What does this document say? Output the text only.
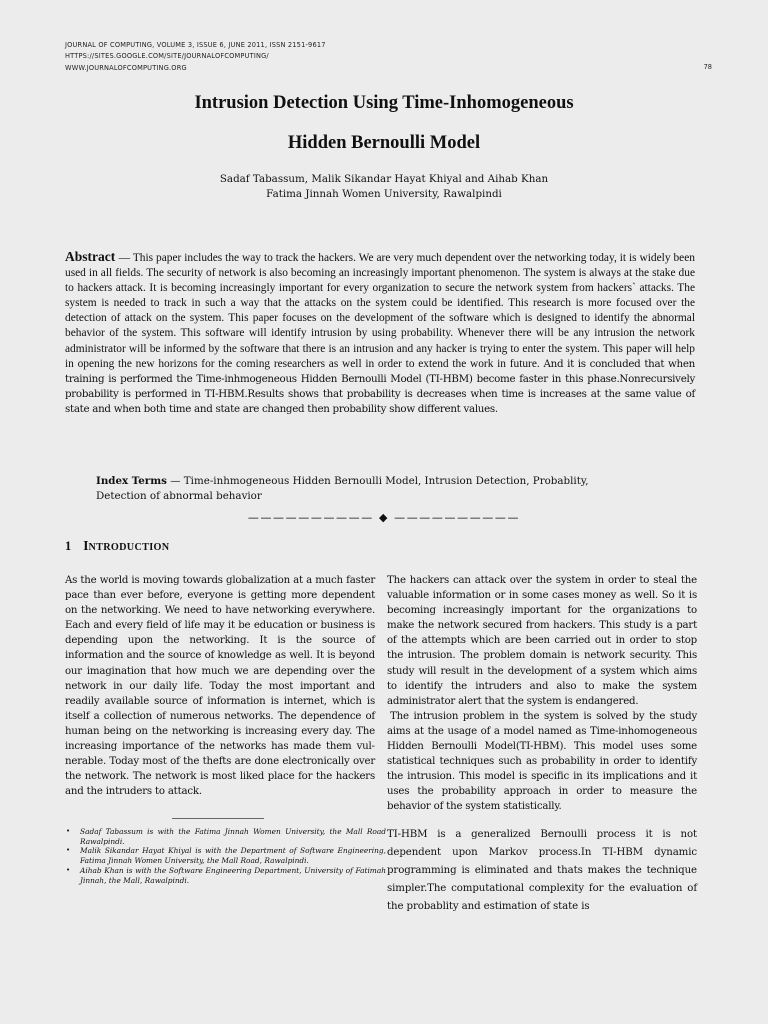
JOURNAL OF COMPUTING, VOLUME 3, ISSUE 6, JUNE 2011, ISSN 2151-9617
HTTPS://SITES.GOOGLE.COM/SITE/JOURNALOFCOMPUTING/
WWW.JOURNALOFCOMPUTING.ORG	78
Intrusion Detection Using Time-Inhomogeneous
Hidden Bernoulli Model
Sadaf Tabassum, Malik Sikandar Hayat Khiyal and Aihab Khan
Fatima Jinnah Women University, Rawalpindi
Abstract — This paper includes the way to track the hackers. We are very much dependent over the networking today, it is widely been used in all fields. The security of network is also becoming an increasingly important phenomenon. The system is always at the stake due to hackers attack. It is becoming increasingly important for every organization to secure the network system from hackers` attacks. The system is needed to track in such a way that the attacks on the system could be identified. This research is more focused over the detection of attack on the system. This paper focuses on the development of the software which is designed to identify the abnormal behavior of the system. This software will identify intrusion by using probability. Whenever there will be any intrusion the network administrator will be informed by the software that there is an intrusion and any hacker is trying to enter the system. This paper will help in opening the new horizons for the coming researchers as well in order to extend the work in future. And it is concluded that when training is performed the Time-inhmogeneous Hidden Bernoulli Model (TI-HBM) become faster in this phase.Nonrecursively probability is performed in TI-HBM.Results shows that probability is decreases when time is increases at the same value of state and when both time and state are changed then probability show different values.
Index Terms — Time-inhmogeneous Hidden Bernoulli Model, Intrusion Detection, Probablity, Detection of abnormal behavior
—————————— ◆ ——————————
1 INTRODUCTION

As the world is moving towards globalization at a much faster pace than ever before, everyone is getting more dependent on the networking. We need to have networking everywhere. Each and every field of life may it be education or business is depending upon the networking. It is the source of information and the source of knowledge as well. It is beyond our imagination that how much we are depending over the network in our daily life. Today the most important and readily available source of information is internet, which is itself a collection of numerous networks. The dependence of human being on the networking is increasing every day. The increasing importance of the networks has made them vulnerable. Today most of the thefts are done electronically over the network. The network is most liked place for the hackers and the intruders to attack.

The hackers can attack over the system in order to steal the valuable information or in some cases money as well. So it is becoming increasingly important for the organizations to make the network secured from hackers. This study is a part of the attempts which are been carried out in order to stop the intrusion. The problem domain is network security. This study will result in the development of a system which aims to identify the intruders and also to make the system administrator alert that the system is endangered.

The intrusion problem in the system is solved by the study aims at the usage of a model named as Time-inhomogeneous Hidden Bernoulli Model(TI-HBM). This model uses some statistical techniques such as probability in order to identify the intrusion. This model is specific in its implications and it uses the probability approach in order to measure the behavior of the system statistically.

• Sadaf Tabassum is with the Fatima Jinnah Women University, the Mall Road Rawalpindi.
• Malik Sikandar Hayat Khiyal is with the Department of Software Engineering, Fatima Jinnah Women University, the Mall Road, Rawalpindi.
• Aihab Khan is with the Software Engineering Department, University of Fatimah Jinnah, the Mall, Rawalpindi.
TI-HBM is a generalized Bernoulli process it is not dependent upon Markov process.In TI-HBM dynamic programming is eliminated and thats makes the technique simpler.The computational complexity for the evaluation of the probablity and estimation of state is
